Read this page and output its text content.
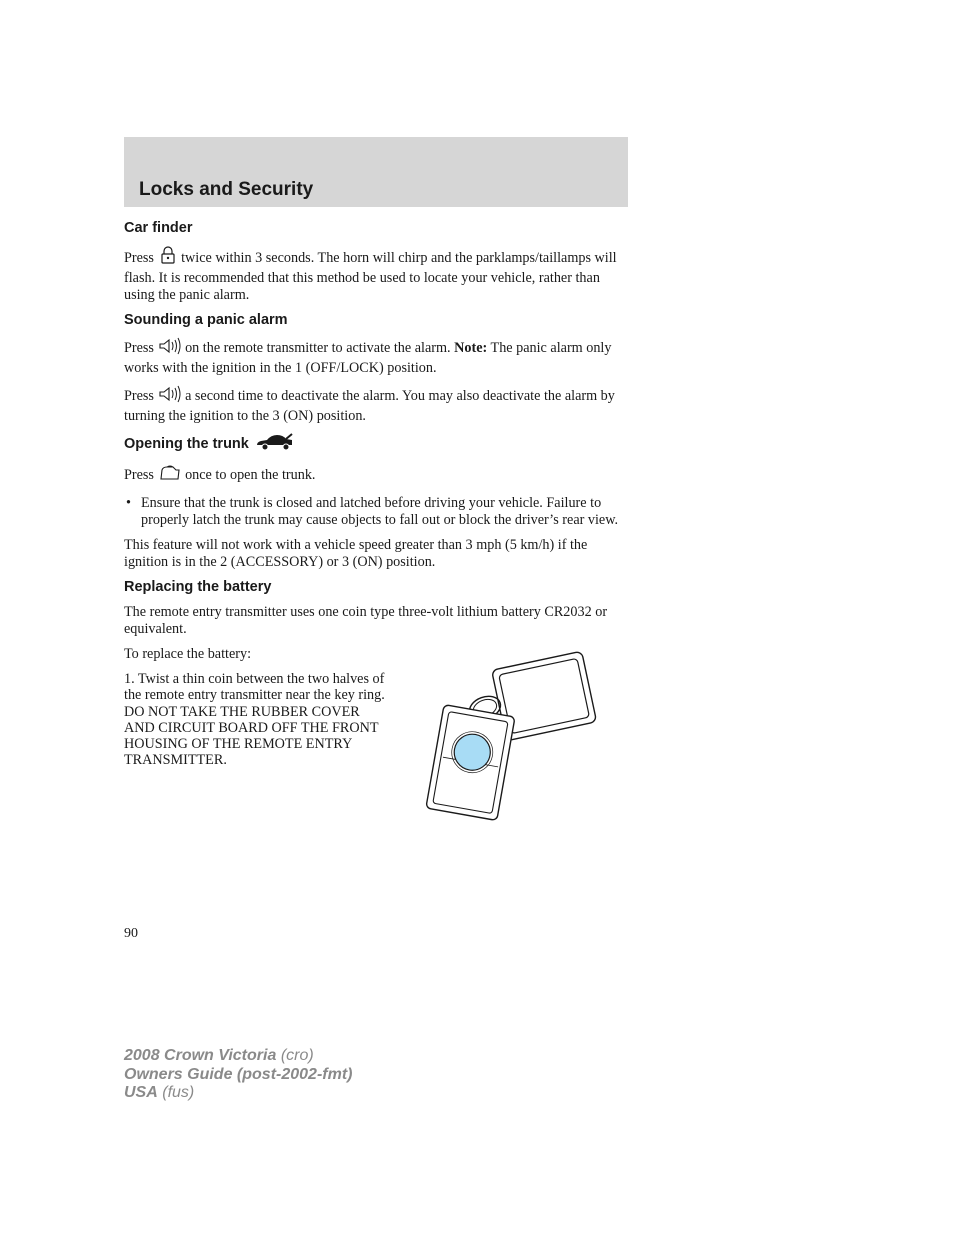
Locks and Security
Car finder

Press twice within 3 seconds. The horn will chirp and the parklamps/taillamps will flash. It is recommended that this method be used to locate your vehicle, rather than using the panic alarm.

Sounding a panic alarm

Press on the remote transmitter to activate the alarm. Note: The panic alarm only works with the ignition in the 1 (OFF/LOCK) position.

Press a second time to deactivate the alarm. You may also deactivate the alarm by turning the ignition to the 3 (ON) position.

Opening the trunk

Press once to open the trunk.

• Ensure that the trunk is closed and latched before driving your vehicle. Failure to properly latch the trunk may cause objects to fall out or block the driver’s rear view.

This feature will not work with a vehicle speed greater than 3 mph (5 km/h) if the ignition is in the 2 (ACCESSORY) or 3 (ON) position.

Replacing the battery

The remote entry transmitter uses one coin type three-volt lithium battery CR2032 or equivalent.

To replace the battery:

1. Twist a thin coin between the two halves of the remote entry transmitter near the key ring. DO NOT TAKE THE RUBBER COVER AND CIRCUIT BOARD OFF THE FRONT HOUSING OF THE REMOTE ENTRY TRANSMITTER.

90
2008 Crown Victoria (cro)
Owners Guide (post-2002-fmt)
USA (fus)
